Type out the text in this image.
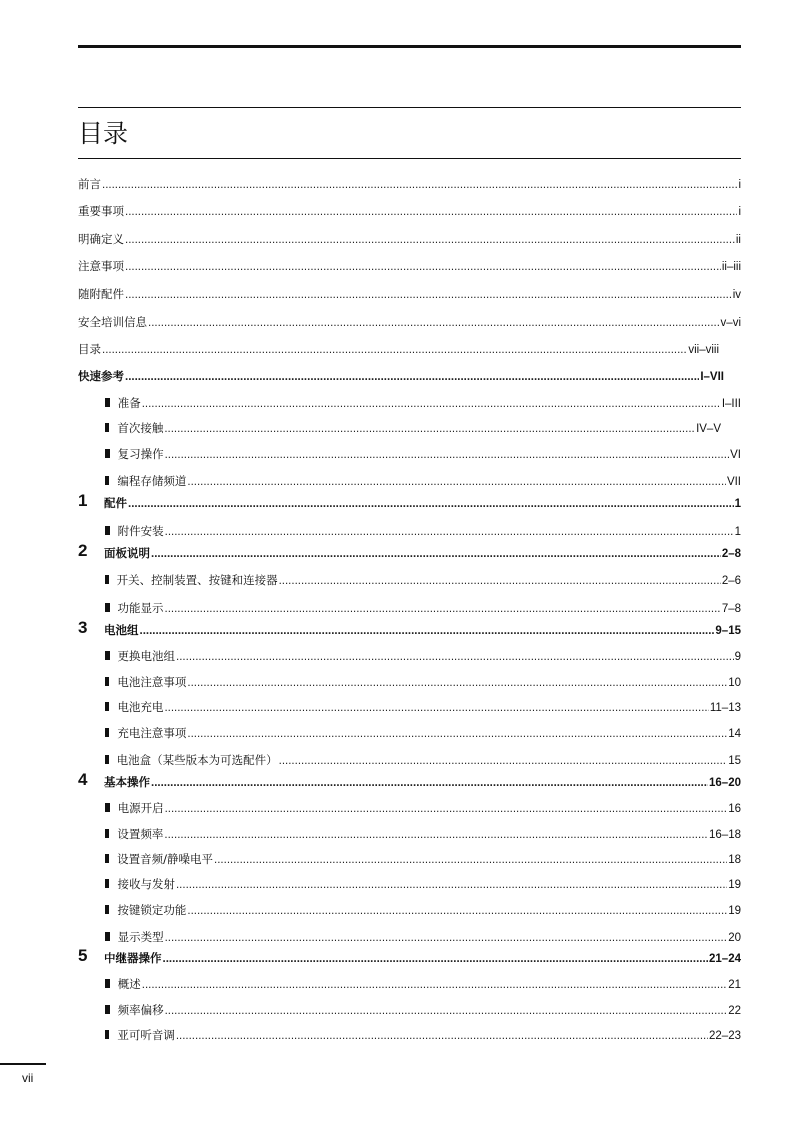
目录
前言 .....	i
重要事项 .....	i
明确定义 .....	ii
注意事项 .....	ii–iii
随附配件 .....	iv
安全培训信息 .....	v–vi
目录 .....	vii–viii
快速参考 .....	I–VII
准备 .....	I–III
首次接触 .....	IV–V
复习操作 .....	VI
编程存储频道 .....	VII
1 配件 .....	1
附件安装 .....	1
2 面板说明 .....	2–8
开关、控制装置、按键和连接器 .....	2–6
功能显示 .....	7–8
3 电池组 .....	9–15
更换电池组 .....	9
电池注意事项 .....	10
电池充电 .....	11–13
充电注意事项 .....	14
电池盒（某些版本为可选配件） .....	15
4 基本操作 .....	16–20
电源开启 .....	16
设置频率 .....	16–18
设置音频/静噪电平 .....	18
接收与发射 .....	19
按键锁定功能 .....	19
显示类型 .....	20
5 中继器操作 .....	21–24
概述 .....	21
频率偏移 .....	22
亚可听音调 .....	22–23
vii
